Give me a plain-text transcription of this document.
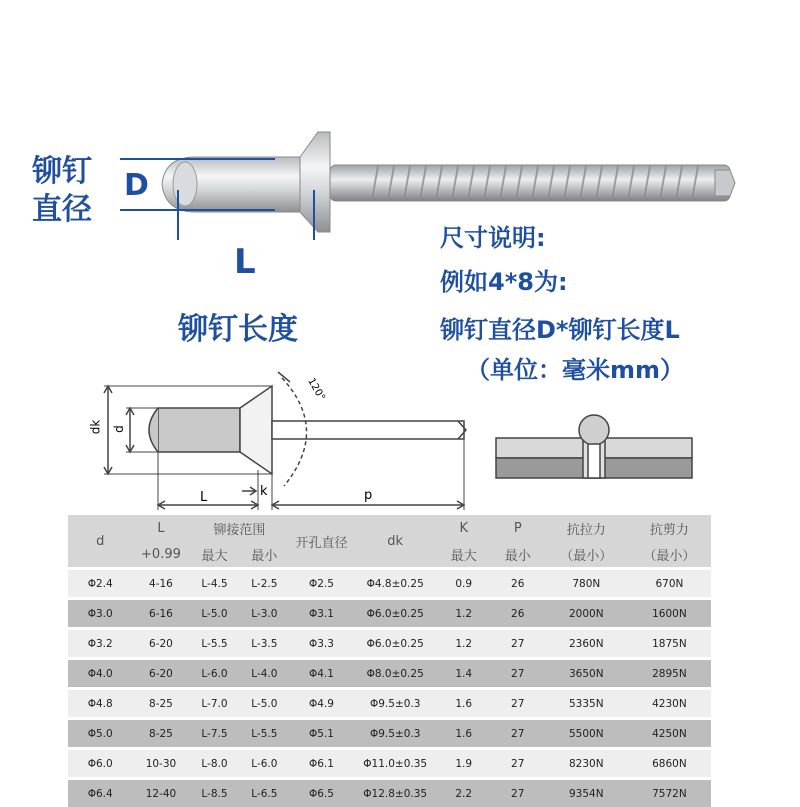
D
铆钉
直径
L
铆钉长度
尺寸说明:
例如4*8为:
铆钉直径D*铆钉长度L
（单位：毫米mm）
dk d
L	k	p
120°
d	L	铆接范围		开孔直径	dk	K	P	抗拉力	抗剪力
	+0.99	最大	最小			最大	最小	（最小）	（最小）
Φ2.4	4-16	L-4.5	L-2.5	Φ2.5	Φ4.8±0.25	0.9	26	780N	670N
Φ3.0	6-16	L-5.0	L-3.0	Φ3.1	Φ6.0±0.25	1.2	26	2000N	1600N
Φ3.2	6-20	L-5.5	L-3.5	Φ3.3	Φ6.0±0.25	1.2	27	2360N	1875N
Φ4.0	6-20	L-6.0	L-4.0	Φ4.1	Φ8.0±0.25	1.4	27	3650N	2895N
Φ4.8	8-25	L-7.0	L-5.0	Φ4.9	Φ9.5±0.3	1.6	27	5335N	4230N
Φ5.0	8-25	L-7.5	L-5.5	Φ5.1	Φ9.5±0.3	1.6	27	5500N	4250N
Φ6.0	10-30	L-8.0	L-6.0	Φ6.1	Φ11.0±0.35	1.9	27	8230N	6860N
Φ6.4	12-40	L-8.5	L-6.5	Φ6.5	Φ12.8±0.35	2.2	27	9354N	7572N
